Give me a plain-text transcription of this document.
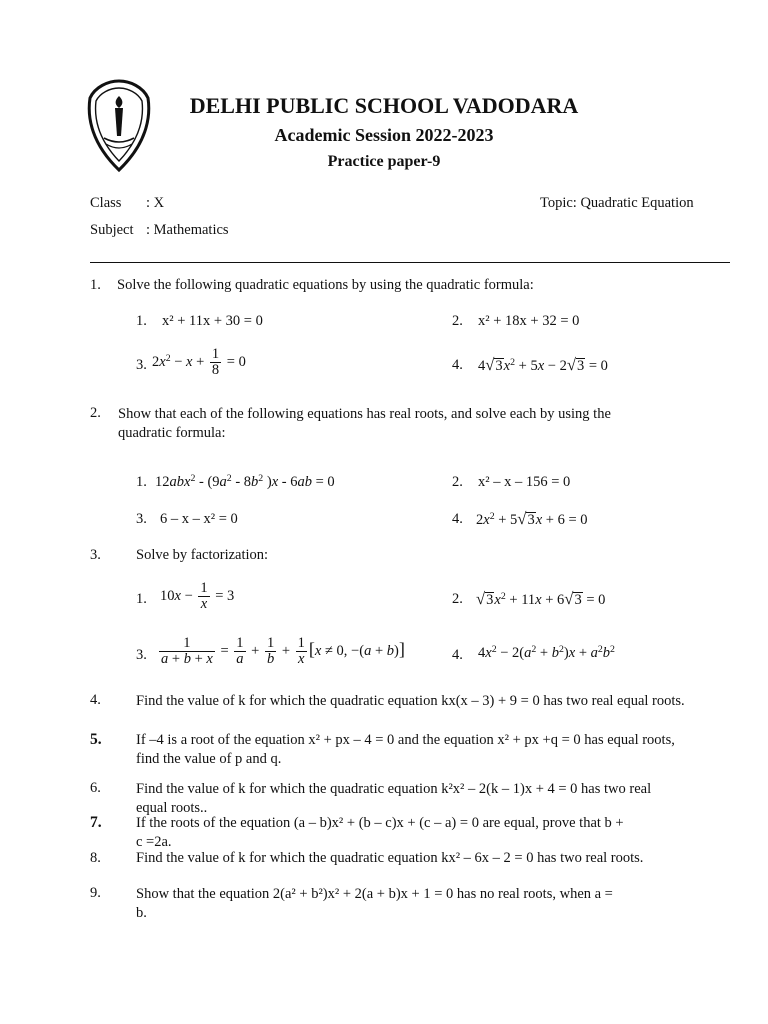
DELHI PUBLIC SCHOOL VADODARA
Academic Session 2022-2023
Practice paper-9
Class : X	Topic: Quadratic Equation
Subject : Mathematics
1. Solve the following quadratic equations by using the quadratic formula:
1. x² + 11x + 30 = 0	2. x² + 18x + 32 = 0
3. $2x^2 - x + \frac{1}{8} = 0$	4. $4√3x^2 + 5x - 2√3 = 0$
2. Show that each of the following equations has real roots, and solve each by using the quadratic formula:
1. $12abx^2 - (9a^2 - 8b^2$ )x - 6ab = 0	2. x² – x – 156 = 0
3. 6 – x – x² = 0	4. $2x^2 + 5√3x + 6 = 0$
3. Solve by factorization:
1. $10x - \frac{1}{x} = 3$	2. $√3x^2 + 11x + 6√3 = 0$
3. $\frac{1}{a + b + x} = \frac{1}{a} + \frac{1}{b} + \frac{1}{x} [x \ne 0$, −(a + b)]	4. $4x^2 - 2(a^2 + b^2)x + a^2b^2$
4. Find the value of k for which the quadratic equation kx(x – 3) + 9 = 0 has two real equal roots.
5. If –4 is a root of the equation x² + px – 4 = 0 and the equation x² + px +q = 0 has equal roots, find the value of p and q.
6. Find the value of k for which the quadratic equation k²x² – 2(k – 1)x + 4 = 0 has two real equal roots..
7. If the roots of the equation (a – b)x² + (b – c)x + (c – a) = 0 are equal, prove that b + c =2a.
8. Find the value of k for which the quadratic equation kx² – 6x – 2 = 0 has two real roots.
9. Show that the equation 2(a² + b²)x² + 2(a + b)x + 1 = 0 has no real roots, when a = b.
